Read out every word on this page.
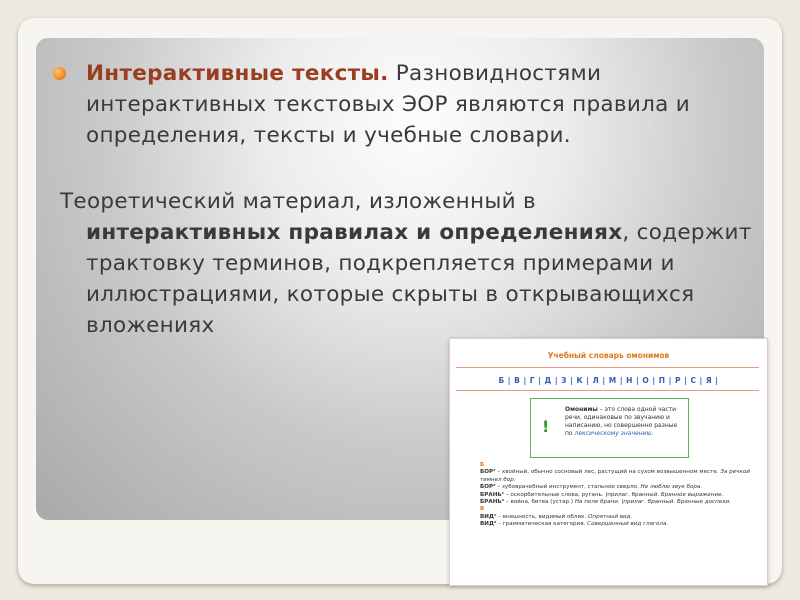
Интерактивные тексты. Разновидностями интерактивных текстовых ЭОР являются правила и определения, тексты и учебные словари.

Теоретический материал, изложенный в
интерактивных правилах и определениях, содержит трактовку терминов, подкрепляется примерами и иллюстрациями, которые скрыты в открывающихся вложениях

Учебный словарь омонимов
Б | В | Г | Д | З | К | Л | М | Н | О | П | Р | С | Я |
!
Омонимы – это слова одной части речи, одинаковые по звучанию и написанию, но совершенно разные по лексическому значению.

Б

БОР¹ – хвойный, обычно сосновый лес, растущий на сухом возвышенном месте. За речкой темнел бор.

БОР² – зубоврачебный инструмент, стальное сверло. Не люблю звук бора.

БРАНЬ¹ – оскорбительные слова, ругань. |прилаг. бранный. Бранное выражение.

БРАНЬ² – война, битва (устар.) На поле брани. |прилаг. бранный. Бранные доспехи.

В

ВИД¹ – внешность, видимый облик. Опрятный вид.

ВИД² – грамматическая категория. Совершенный вид глагола.
